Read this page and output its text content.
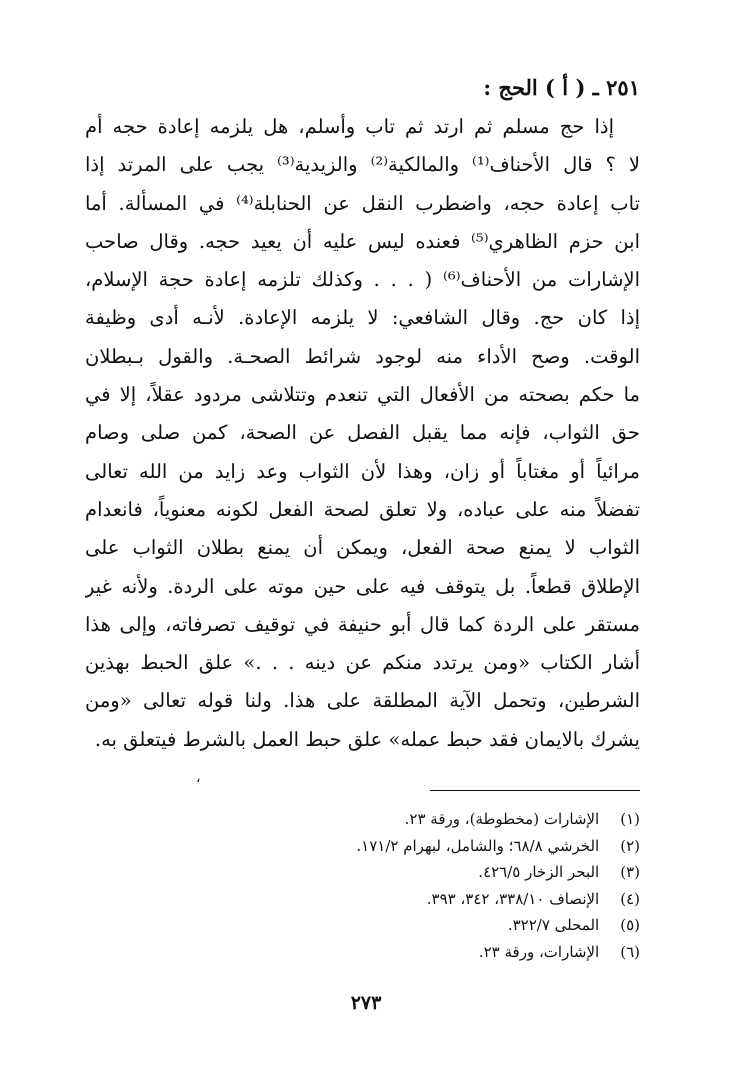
٢٥١ ـ ( أ ) الحج :
إذا حج مسلم ثم ارتد ثم تاب وأسلم، هل يلزمه إعادة حجه أم
لا ؟ قال الأحناف⁽¹⁾ والمالكية⁽²⁾ والزيدية⁽³⁾ يجب على المرتد إذا
تاب إعادة حجه، واضطرب النقل عن الحنابلة⁽⁴⁾ في المسألة. أما
ابن حزم الظاهري⁽⁵⁾ فعنده ليس عليه أن يعيد حجه. وقال صاحب
الإشارات من الأحناف⁽⁶⁾ ( . . . وكذلك تلزمه إعادة حجة الإسلام،
إذا كان حج. وقال الشافعي: لا يلزمه الإعادة. لأنـه أدى وظيفة
الوقت. وصح الأداء منه لوجود شرائط الصحـة. والقول بـبطلان
ما حكم بصحته من الأفعال التي تنعدم وتتلاشى مردود عقلاً، إلا في
حق الثواب، فإنه مما يقبل الفصل عن الصحة، كمن صلى وصام
مرائياً أو مغتاباً أو زان، وهذا لأن الثواب وعد زايد من الله تعالى
تفضلاً منه على عباده، ولا تعلق لصحة الفعل لكونه معنوياً، فانعدام
الثواب لا يمنع صحة الفعل، ويمكن أن يمنع بطلان الثواب على
الإطلاق قطعاً. بل يتوقف فيه على حين موته على الردة. ولأنه غير
مستقر على الردة كما قال أبو حنيفة في توقيف تصرفاته، وإلى هذا
أشار الكتاب «ومن يرتدد منكم عن دينه . . .» علق الحبط بهذين
الشرطين، وتحمل الآية المطلقة على هذا. ولنا قوله تعالى «ومن
يشرك بالايمان فقد حبط عمله» علق حبط العمل بالشرط فيتعلق به.
،
(١) الإشارات (مخطوطة)، ورقة ٢٣.
(٢) الخرشي ٦٨/٨؛ والشامل، لبهرام ١٧١/٢.
(٣) البحر الزخار ٤٢٦/٥.
(٤) الإنصاف ٣٣٨/١٠، ٣٤٢، ٣٩٣.
(٥) المحلى ٣٢٢/٧.
(٦) الإشارات، ورقة ٢٣.
٢٧٣
